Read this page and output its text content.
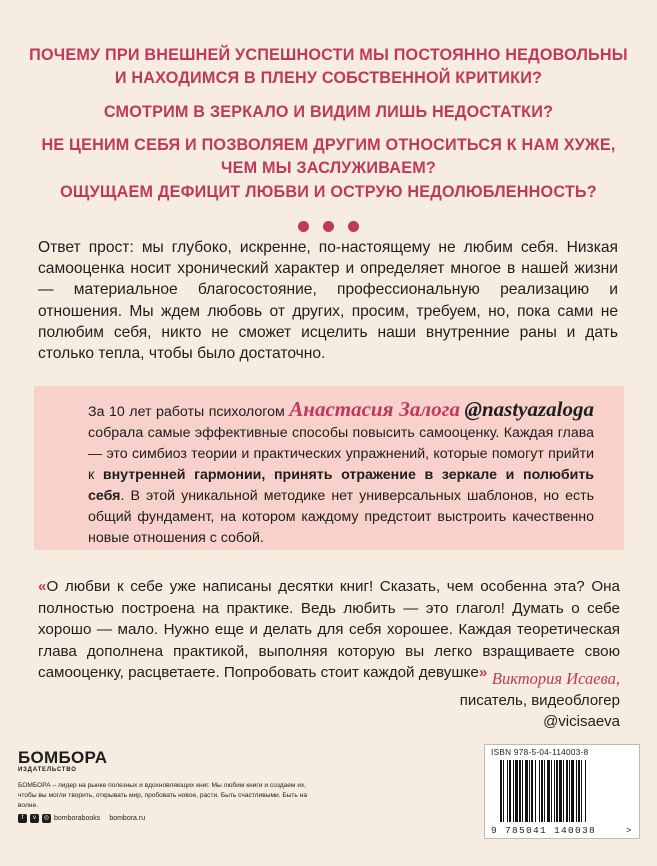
ПОЧЕМУ ПРИ ВНЕШНЕЙ УСПЕШНОСТИ МЫ ПОСТОЯННО НЕДОВОЛЬНЫ
И НАХОДИМСЯ В ПЛЕНУ СОБСТВЕННОЙ КРИТИКИ?
СМОТРИМ В ЗЕРКАЛО И ВИДИМ ЛИШЬ НЕДОСТАТКИ?
НЕ ЦЕНИМ СЕБЯ И ПОЗВОЛЯЕМ ДРУГИМ ОТНОСИТЬСЯ К НАМ ХУЖЕ,
ЧЕМ МЫ ЗАСЛУЖИВАЕМ?
ОЩУЩАЕМ ДЕФИЦИТ ЛЮБВИ И ОСТРУЮ НЕДОЛЮБЛЕННОСТЬ?

Ответ прост: мы глубоко, искренне, по-настоящему не любим себя. Низкая самооценка носит хронический характер и определяет многое в нашей жизни — материальное благосостояние, профессиональную реализацию и отношения. Мы ждем любовь от других, просим, требуем, но, пока сами не полюбим себя, никто не сможет исцелить наши внутренние раны и дать столько тепла, чтобы было достаточно.

За 10 лет работы психологом Анастасия Залога @nastyazaloga собрала самые эффективные способы повысить самооценку. Каждая глава — это симбиоз теории и практических упражнений, которые помогут прийти к внутренней гармонии, принять отражение в зеркале и полюбить себя. В этой уникальной методике нет универсальных шаблонов, но есть общий фундамент, на котором каждому предстоит выстроить качественно новые отношения с собой.

«О любви к себе уже написаны десятки книг! Сказать, чем особенна эта? Она полностью построена на практике. Ведь любить — это глагол! Думать о себе хорошо — мало. Нужно еще и делать для себя хорошее. Каждая теоретическая глава дополнена практикой, выполняя которую вы легко взращиваете свою самооценку, расцветаете. Попробовать стоит каждой девушке» Виктория Исаева,
писатель, видеоблогер
@vicisaeva
БОМБОРА
ИЗДАТЕЛЬСТВО

БОМБОРА – лидер на рынке полезных и вдохновляющих книг. Мы любим книги и создаем их, чтобы вы могли творить, открывать мир, пробовать новое, расти. Быть счастливыми. Быть на волне.

f	v	◎ bomborabooks bombora.ru
ISBN 978-5-04-114003-8
9 785041 140038	>
